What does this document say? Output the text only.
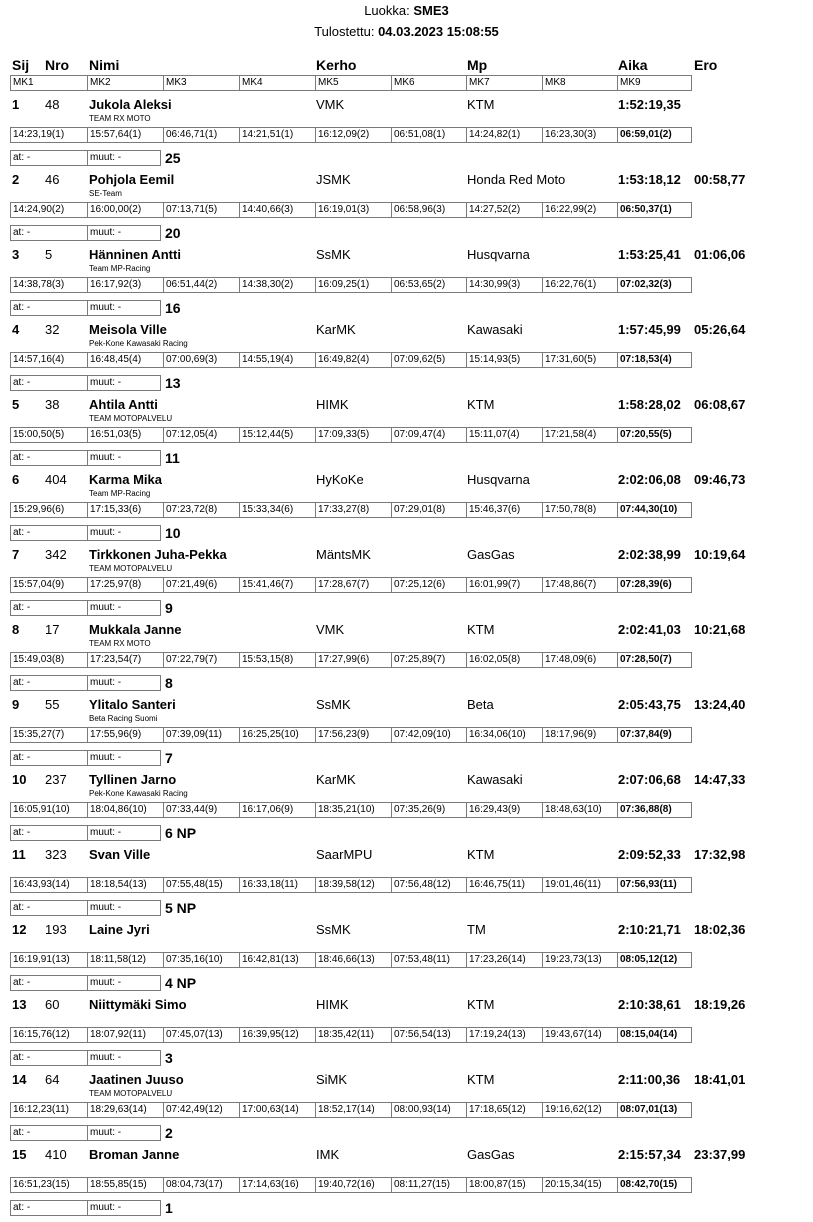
Luokka: SME3
Tulostettu: 04.03.2023 15:08:55
Sij Nro Nimi	Kerho	Mp	Aika	Ero
MK1	MK2	MK3	MK4	MK5	MK6	MK7	MK8	MK9
1 48 Jukola Aleksi	VMK	KTM	1:52:19,35
TEAM RX MOTO
14:23,19(1)	15:57,64(1)	06:46,71(1)	14:21,51(1)	16:12,09(2)	06:51,08(1)	14:24,82(1)	16:23,30(3)	06:59,01(2)
at: -	muut: -	25
2 46 Pohjola Eemil	JSMK	Honda Red Moto	1:53:18,12 00:58,77
SE-Team
14:24,90(2)	16:00,00(2)	07:13,71(5)	14:40,66(3)	16:19,01(3)	06:58,96(3)	14:27,52(2)	16:22,99(2)	06:50,37(1)
at: -	muut: -	20
3 5	Hänninen Antti	SsMK	Husqvarna	1:53:25,41 01:06,06
Team MP-Racing
14:38,78(3)	16:17,92(3)	06:51,44(2)	14:38,30(2)	16:09,25(1)	06:53,65(2)	14:30,99(3)	16:22,76(1)	07:02,32(3)
at: -	muut: -	16
4 32 Meisola Ville	KarMK	Kawasaki	1:57:45,99 05:26,64
Pek-Kone Kawasaki Racing
14:57,16(4)	16:48,45(4)	07:00,69(3)	14:55,19(4)	16:49,82(4)	07:09,62(5)	15:14,93(5)	17:31,60(5)	07:18,53(4)
at: -	muut: -	13
5 38 Ahtila Antti	HIMK	KTM	1:58:28,02 06:08,67
TEAM MOTOPALVELU
15:00,50(5)	16:51,03(5)	07:12,05(4)	15:12,44(5)	17:09,33(5)	07:09,47(4)	15:11,07(4)	17:21,58(4)	07:20,55(5)
at: -	muut: -	11
6 404 Karma Mika	HyKoKe	Husqvarna	2:02:06,08 09:46,73
Team MP-Racing
15:29,96(6)	17:15,33(6)	07:23,72(8)	15:33,34(6)	17:33,27(8)	07:29,01(8)	15:46,37(6)	17:50,78(8)	07:44,30(10)
at: -	muut: -	10
7 342 Tirkkonen Juha-Pekka	MäntsMK	GasGas	2:02:38,99 10:19,64
TEAM MOTOPALVELU
15:57,04(9)	17:25,97(8)	07:21,49(6)	15:41,46(7)	17:28,67(7)	07:25,12(6)	16:01,99(7)	17:48,86(7)	07:28,39(6)
at: -	muut: -	9
8 17 Mukkala Janne	VMK	KTM	2:02:41,03 10:21,68
TEAM RX MOTO
15:49,03(8)	17:23,54(7)	07:22,79(7)	15:53,15(8)	17:27,99(6)	07:25,89(7)	16:02,05(8)	17:48,09(6)	07:28,50(7)
at: -	muut: -	8
9 55 Ylitalo Santeri	SsMK	Beta	2:05:43,75 13:24,40
Beta Racing Suomi
15:35,27(7)	17:55,96(9)	07:39,09(11)	16:25,25(10)	17:56,23(9)	07:42,09(10)	16:34,06(10)	18:17,96(9)	07:37,84(9)
at: -	muut: -	7
10 237 Tyllinen Jarno	KarMK	Kawasaki	2:07:06,68 14:47,33
Pek-Kone Kawasaki Racing
16:05,91(10)	18:04,86(10)	07:33,44(9)	16:17,06(9)	18:35,21(10)	07:35,26(9)	16:29,43(9)	18:48,63(10)	07:36,88(8)
at: -	muut: -	6 NP
11 323 Svan Ville	SaarMPU	KTM	2:09:52,33 17:32,98
16:43,93(14)	18:18,54(13)	07:55,48(15)	16:33,18(11)	18:39,58(12)	07:56,48(12)	16:46,75(11)	19:01,46(11)	07:56,93(11)
at: -	muut: -	5 NP
12 193 Laine Jyri	SsMK	TM	2:10:21,71 18:02,36
16:19,91(13)	18:11,58(12)	07:35,16(10)	16:42,81(13)	18:46,66(13)	07:53,48(11)	17:23,26(14)	19:23,73(13)	08:05,12(12)
at: -	muut: -	4 NP
13 60 Niittymäki Simo	HIMK	KTM	2:10:38,61 18:19,26
16:15,76(12)	18:07,92(11)	07:45,07(13)	16:39,95(12)	18:35,42(11)	07:56,54(13)	17:19,24(13)	19:43,67(14)	08:15,04(14)
at: -	muut: -	3
14 64 Jaatinen Juuso	SiMK	KTM	2:11:00,36 18:41,01
TEAM MOTOPALVELU
16:12,23(11)	18:29,63(14)	07:42,49(12)	17:00,63(14)	18:52,17(14)	08:00,93(14)	17:18,65(12)	19:16,62(12)	08:07,01(13)
at: -	muut: -	2
15 410 Broman Janne	IMK	GasGas	2:15:57,34 23:37,99
16:51,23(15)	18:55,85(15)	08:04,73(17)	17:14,63(16)	19:40,72(16)	08:11,27(15)	18:00,87(15)	20:15,34(15)	08:42,70(15)
at: -	muut: -	1
